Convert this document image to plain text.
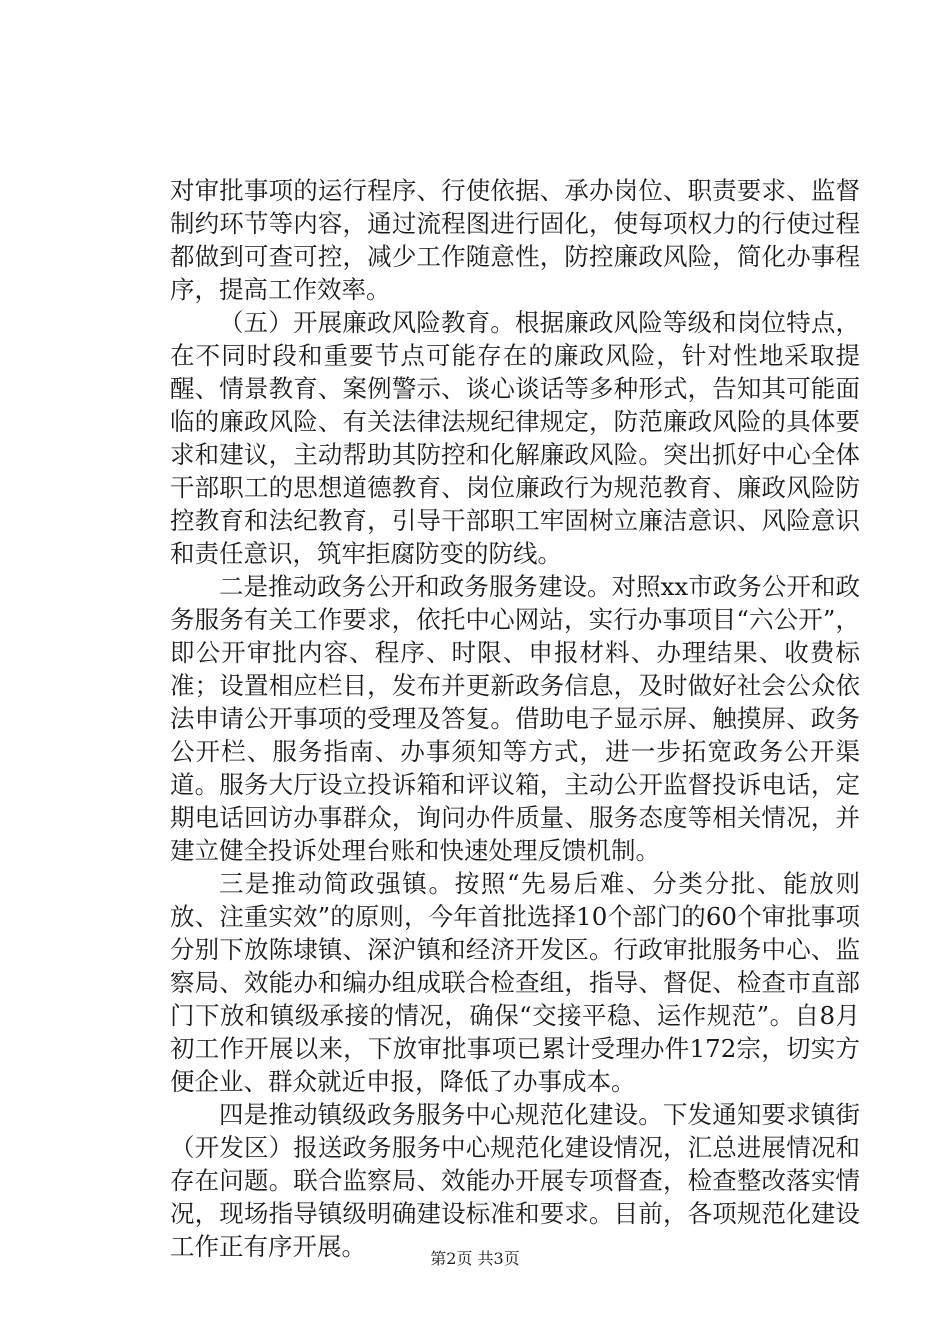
对审批事项的运行程序、行使依据、承办岗位、职责要求、监督制约环节等内容，通过流程图进行固化，使每项权力的行使过程都做到可查可控，减少工作随意性，防控廉政风险，简化办事程序，提高工作效率。

（五）开展廉政风险教育。根据廉政风险等级和岗位特点，在不同时段和重要节点可能存在的廉政风险，针对性地采取提醒、情景教育、案例警示、谈心谈话等多种形式，告知其可能面临的廉政风险、有关法律法规纪律规定，防范廉政风险的具体要求和建议，主动帮助其防控和化解廉政风险。突出抓好中心全体干部职工的思想道德教育、岗位廉政行为规范教育、廉政风险防控教育和法纪教育，引导干部职工牢固树立廉洁意识、风险意识和责任意识，筑牢拒腐防变的防线。

二是推动政务公开和政务服务建设。对照xx市政务公开和政务服务有关工作要求，依托中心网站，实行办事项目“六公开”，即公开审批内容、程序、时限、申报材料、办理结果、收费标准；设置相应栏目，发布并更新政务信息，及时做好社会公众依法申请公开事项的受理及答复。借助电子显示屏、触摸屏、政务公开栏、服务指南、办事须知等方式，进一步拓宽政务公开渠道。服务大厅设立投诉箱和评议箱，主动公开监督投诉电话，定期电话回访办事群众，询问办件质量、服务态度等相关情况，并建立健全投诉处理台账和快速处理反馈机制。

三是推动简政强镇。按照“先易后难、分类分批、能放则放、注重实效”的原则，今年首批选择10个部门的60个审批事项分别下放陈埭镇、深沪镇和经济开发区。行政审批服务中心、监察局、效能办和编办组成联合检查组，指导、督促、检查市直部门下放和镇级承接的情况，确保“交接平稳、运作规范”。自8月初工作开展以来，下放审批事项已累计受理办件172宗，切实方便企业、群众就近申报，降低了办事成本。

四是推动镇级政务服务中心规范化建设。下发通知要求镇街（开发区）报送政务服务中心规范化建设情况，汇总进展情况和存在问题。联合监察局、效能办开展专项督查，检查整改落实情况，现场指导镇级明确建设标准和要求。目前，各项规范化建设工作正有序开展。	第2页 共3页
